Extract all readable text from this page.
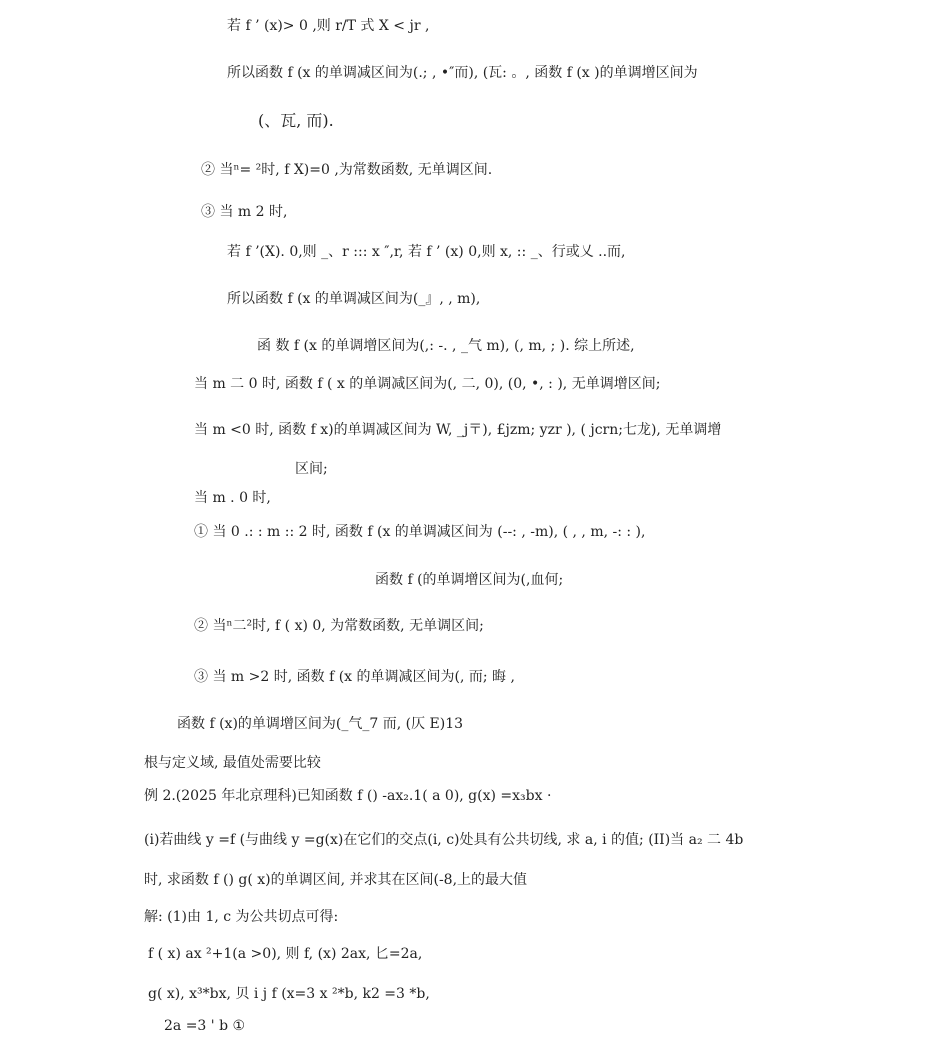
若 f ’ (x)> 0 ,则 r/T 式 X < jr ,
所以函数 f (x 的单调减区间为(.; , •″而), (瓦: 。, 函数 f (x )的单调增区间为
(、瓦, 而).
② 当ⁿ= ²时, f X)=0 ,为常数函数, 无单调区间.
③ 当 m 2 时,
若 f ’(X). 0,则 _、r ::: x ″,r, 若 f ’ (x) 0,则 x, :: _、行或乂 ..而,
所以函数 f (x 的单调减区间为(_』, , m),
函 数 f (x 的单调增区间为(,: -. , _气 m), (, m, ; ). 综上所述,
当 m 二 0 时, 函数 f ( x 的单调减区间为(, 二, 0), (0, •, : ), 无单调增区间;
当 m <0 时, 函数 f x)的单调减区间为 W, _j〒), £jzm; yzr ), ( jcrn;七龙), 无单调增
区间;
当 m . 0 时,
① 当 0 .: : m :: 2 时, 函数 f (x 的单调减区间为 (--: , -m), ( , , m, -: : ),
函数 f (的单调增区间为(,血何;
② 当ⁿ二²时, f ( x) 0, 为常数函数, 无单调区间;
③ 当 m >2 时, 函数 f (x 的单调减区间为(, 而; 晦 ,
函数 f (x)的单调增区间为(_气_7 而, (仄 E)13
根与定义域, 最值处需要比较
例 2.(2025 年北京理科)已知函数 f () -ax₂.1( a 0), g(x) =x₃bx ·
(i)若曲线 y =f (与曲线 y =g(x)在它们的交点(i, c)处具有公共切线, 求 a, i 的值; (II)当 a₂ 二 4b
时, 求函数 f () g( x)的单调区间, 并求其在区间(-8,上的最大值
解: (1)由 1, c 为公共切点可得:
f ( x) ax ²+1(a >0), 则 f, (x) 2ax, 匕=2a,
g( x), x³*bx, 贝 i j f (x=3 x ²*b, k2 =3 *b,
2a =3 ' b ①
